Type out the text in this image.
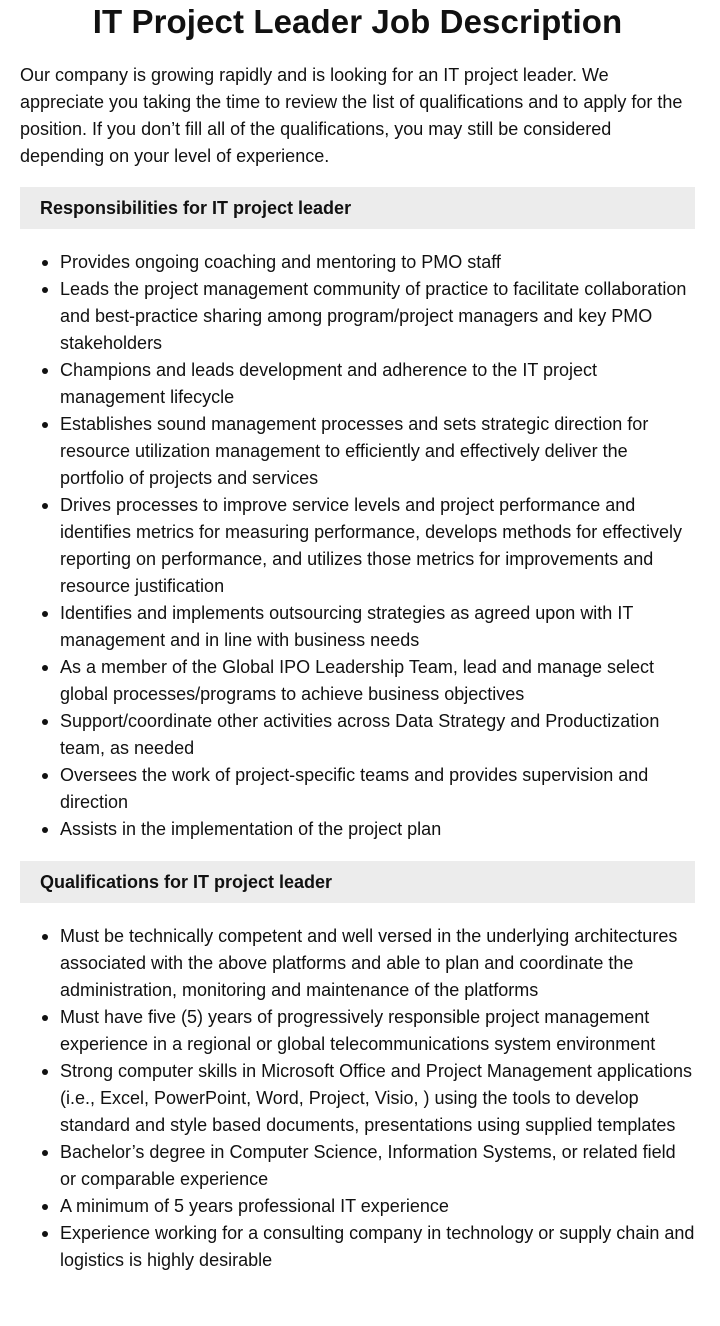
IT Project Leader Job Description

Our company is growing rapidly and is looking for an IT project leader. We appreciate you taking the time to review the list of qualifications and to apply for the position. If you don’t fill all of the qualifications, you may still be considered depending on your level of experience.

Responsibilities for IT project leader
Provides ongoing coaching and mentoring to PMO staff
Leads the project management community of practice to facilitate collaboration and best-practice sharing among program/project managers and key PMO stakeholders
Champions and leads development and adherence to the IT project management lifecycle
Establishes sound management processes and sets strategic direction for resource utilization management to efficiently and effectively deliver the portfolio of projects and services
Drives processes to improve service levels and project performance and identifies metrics for measuring performance, develops methods for effectively reporting on performance, and utilizes those metrics for improvements and resource justification
Identifies and implements outsourcing strategies as agreed upon with IT management and in line with business needs
As a member of the Global IPO Leadership Team, lead and manage select global processes/programs to achieve business objectives
Support/coordinate other activities across Data Strategy and Productization team, as needed
Oversees the work of project-specific teams and provides supervision and direction
Assists in the implementation of the project plan
Qualifications for IT project leader
Must be technically competent and well versed in the underlying architectures associated with the above platforms and able to plan and coordinate the administration, monitoring and maintenance of the platforms
Must have five (5) years of progressively responsible project management experience in a regional or global telecommunications system environment
Strong computer skills in Microsoft Office and Project Management applications (i.e., Excel, PowerPoint, Word, Project, Visio, ) using the tools to develop standard and style based documents, presentations using supplied templates
Bachelor’s degree in Computer Science, Information Systems, or related field or comparable experience
A minimum of 5 years professional IT experience
Experience working for a consulting company in technology or supply chain and logistics is highly desirable
